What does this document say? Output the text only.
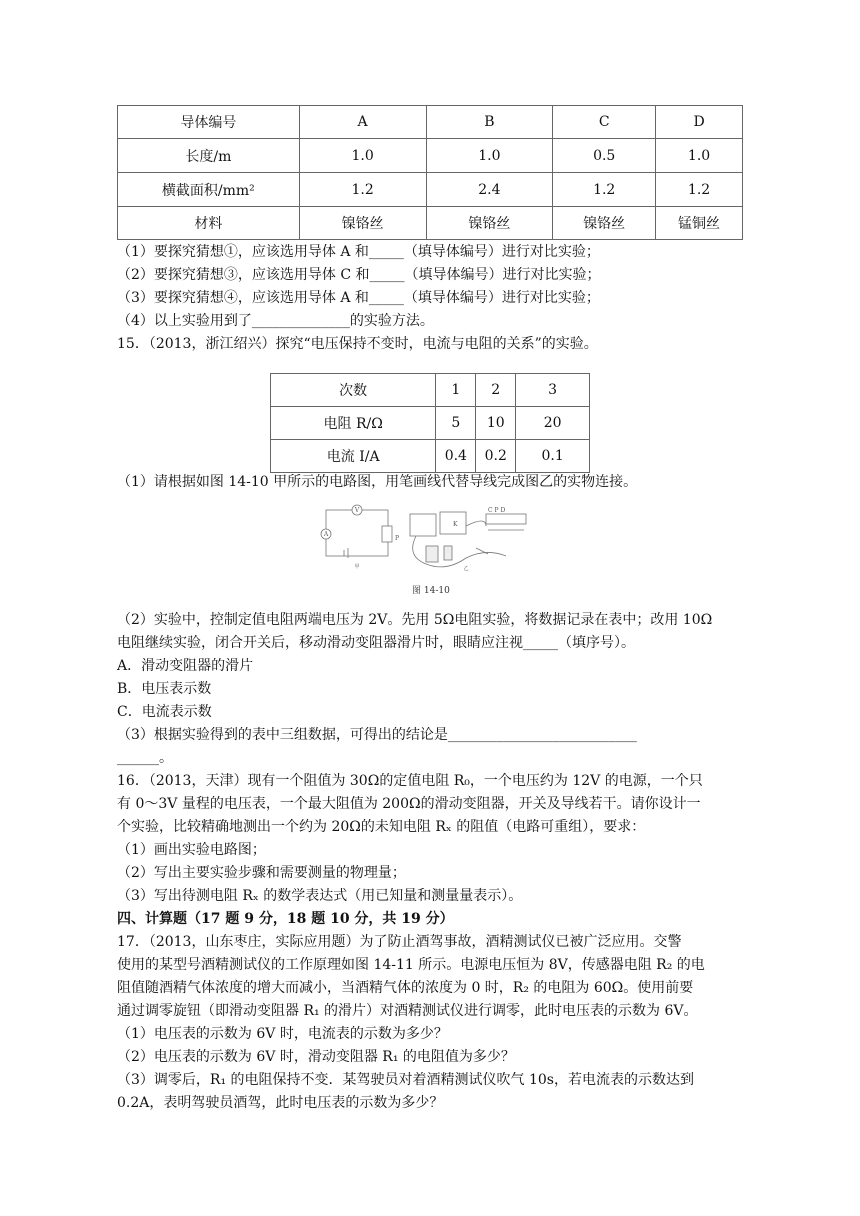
导体编号	A	B	C	D
长度/m	1.0	1.0	0.5	1.0
横截面积/mm²	1.2	2.4	1.2	1.2
材料	镍铬丝	镍铬丝	镍铬丝	锰铜丝
（1）要探究猜想①，应该选用导体 A 和_____（填导体编号）进行对比实验；
（2）要探究猜想③，应该选用导体 C 和_____（填导体编号）进行对比实验；
（3）要探究猜想④，应该选用导体 A 和_____（填导体编号）进行对比实验；
（4）以上实验用到了______________的实验方法。
15．（2013，浙江绍兴）探究“电压保持不变时，电流与电阻的关系”的实验。
次数	1	2	3
电阻 R/Ω	5	10	20
电流 I/A	0.4	0.2	0.1
（1）请根据如图 14-10 甲所示的电路图，用笔画线代替导线完成图乙的实物连接。
V
A
P
K
C P D
甲	乙
图 14-10
（2）实验中，控制定值电阻两端电压为 2V。先用 5Ω电阻实验，将数据记录在表中；改用 10Ω
电阻继续实验，闭合开关后，移动滑动变阻器滑片时，眼睛应注视_____（填序号）。
A．滑动变阻器的滑片
B．电压表示数
C．电流表示数
（3）根据实验得到的表中三组数据，可得出的结论是___________________________
______。
16．（2013，天津）现有一个阻值为 30Ω的定值电阻 R₀，一个电压约为 12V 的电源，一个只
有 0～3V 量程的电压表，一个最大阻值为 200Ω的滑动变阻器，开关及导线若干。请你设计一
个实验，比较精确地测出一个约为 20Ω的未知电阻 Rₓ 的阻值（电路可重组），要求：
（1）画出实验电路图；
（2）写出主要实验步骤和需要测量的物理量；
（3）写出待测电阻 Rₓ 的数学表达式（用已知量和测量量表示）。
四、计算题（17 题 9 分，18 题 10 分，共 19 分）
17．（2013，山东枣庄，实际应用题）为了防止酒驾事故，酒精测试仪已被广泛应用。交警
使用的某型号酒精测试仪的工作原理如图 14-11 所示。电源电压恒为 8V，传感器电阻 R₂ 的电
阻值随酒精气体浓度的增大而减小，当酒精气体的浓度为 0 时，R₂ 的电阻为 60Ω。使用前要
通过调零旋钮（即滑动变阻器 R₁ 的滑片）对酒精测试仪进行调零，此时电压表的示数为 6V。
（1）电压表的示数为 6V 时，电流表的示数为多少？
（2）电压表的示数为 6V 时，滑动变阻器 R₁ 的电阻值为多少？
（3）调零后，R₁ 的电阻保持不变．某驾驶员对着酒精测试仪吹气 10s，若电流表的示数达到
0.2A，表明驾驶员酒驾，此时电压表的示数为多少？
